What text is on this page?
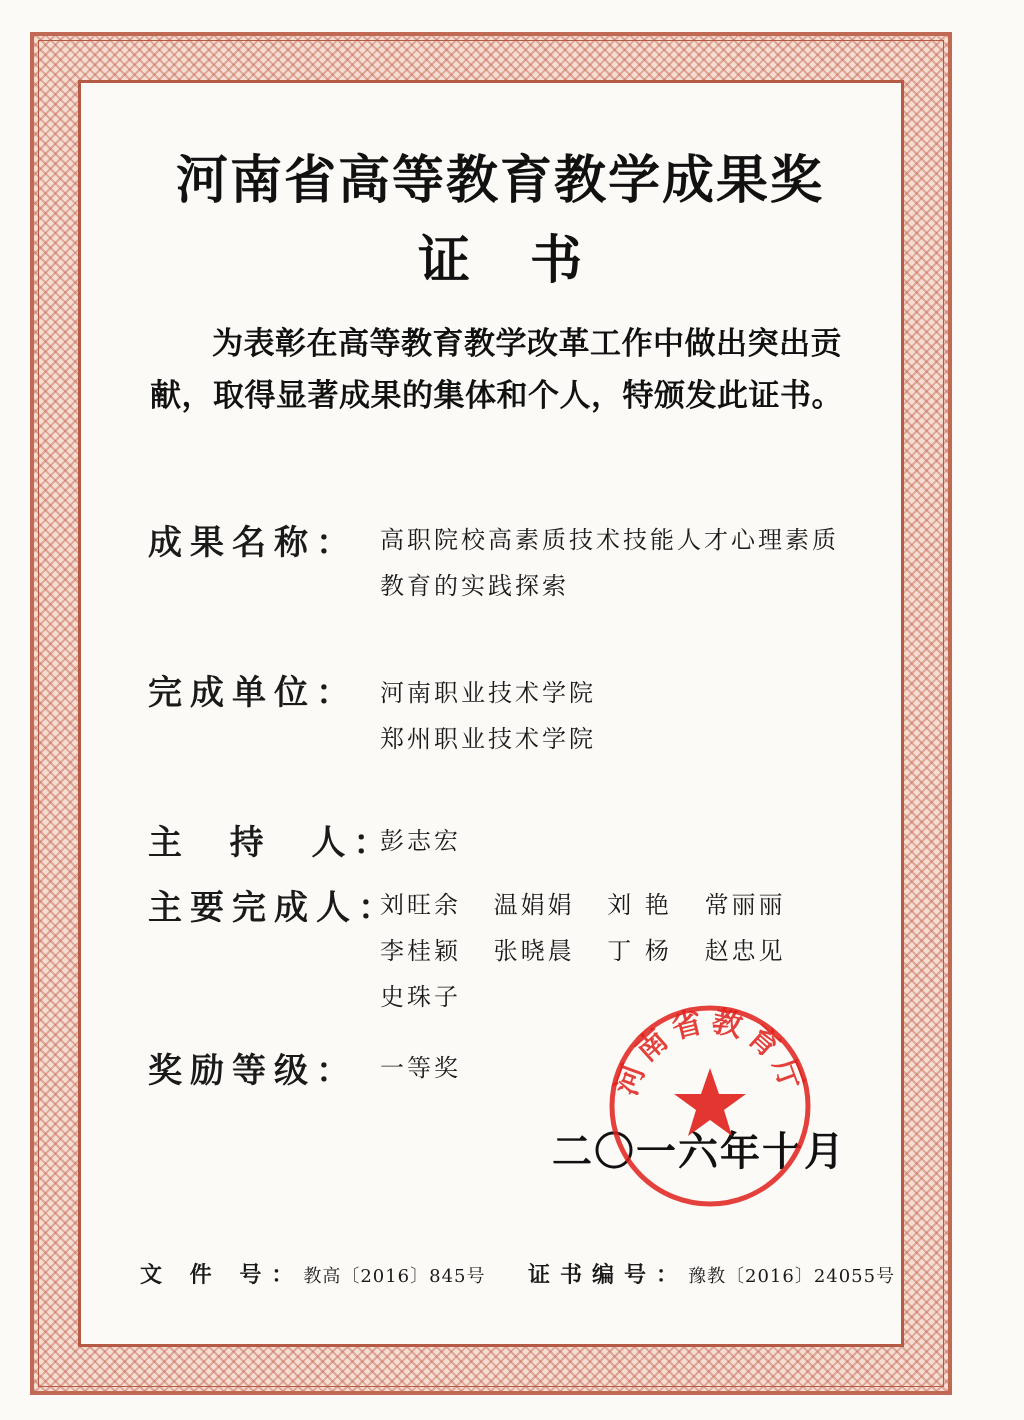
河南省高等教育教学成果奖
证书

为表彰在高等教育教学改革工作中做出突出贡献，取得显著成果的集体和个人，特颁发此证书。

成果名称： 高职院校高素质技术技能人才心理素质教育的实践探索
完成单位： 河南职业技术学院
郑州职业技术学院
主  持  人：
彭志宏
主要完成人：
刘旺余 温娟娟 刘 艳 常丽丽
李桂颖 张晓晨 丁 杨 赵忠见
史珠子
奖励等级： 一等奖
二〇一六年十月
河南省教育厅
文 件 号：教高〔2016〕845号 证书编号：豫教〔2016〕24055号
